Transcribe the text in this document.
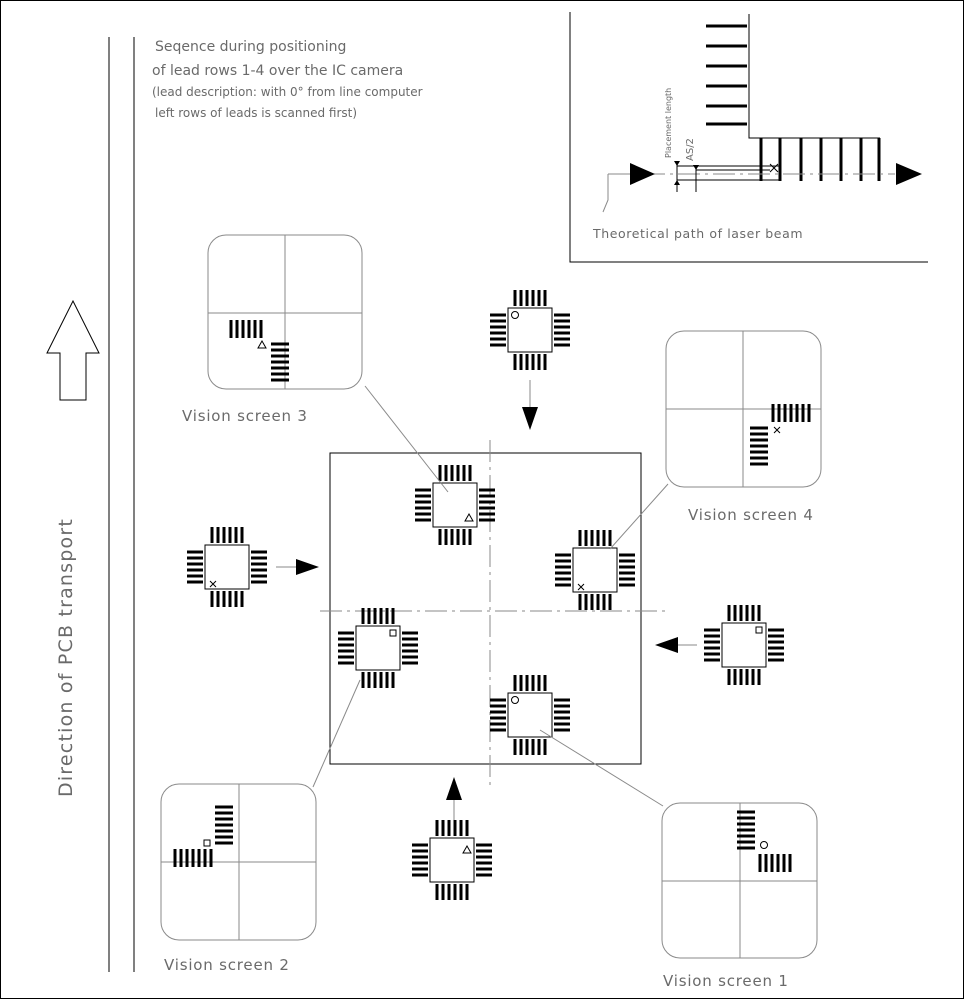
Direction of PCB transport
Seqence during positioning
of lead rows 1-4 over the IC camera
(lead description: with 0° from line computer
left rows of leads is scanned first)	Placement length AS/2
Theoretical path of laser beam
Vision screen 3
Vision screen 4
Vision screen 2
Vision screen 1
